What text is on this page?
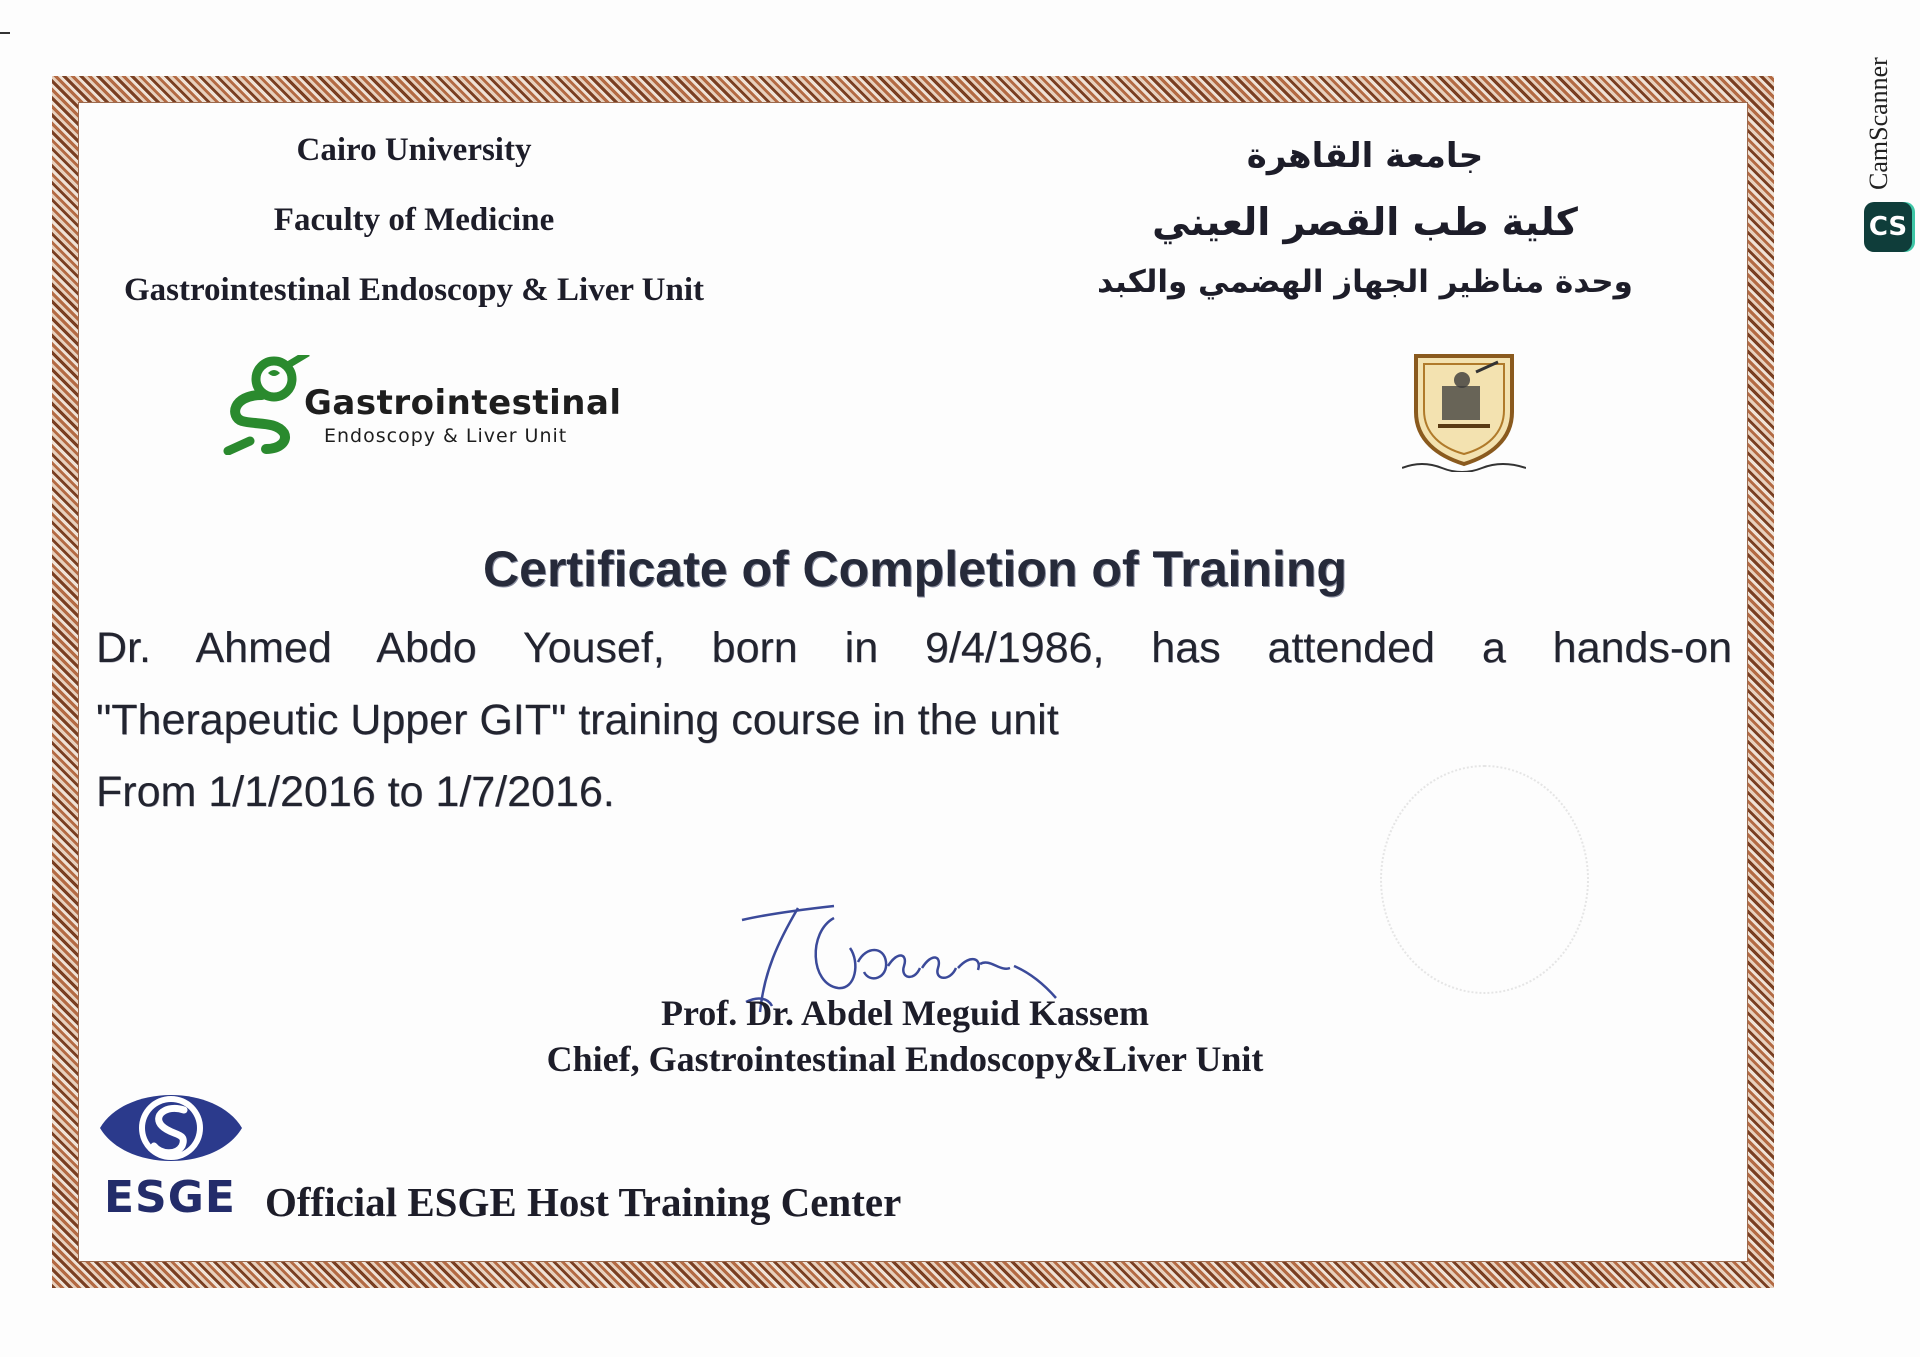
Cairo University
Faculty of Medicine
Gastrointestinal Endoscopy & Liver Unit
جامعة القاهرة
كلية طب القصر العيني
وحدة مناظير الجهاز الهضمي والكبد
Gastrointestinal
Endoscopy & Liver Unit
Certificate of Completion of Training
Dr. Ahmed Abdo Yousef, born in 9/4/1986, has attended a hands-on
"Therapeutic Upper GIT" training course in the unit
From 1/1/2016 to 1/7/2016.
Prof. Dr. Abdel Meguid Kassem
Chief, Gastrointestinal Endoscopy&Liver Unit
ESGE Official ESGE Host Training Center
CamScanner
CS
